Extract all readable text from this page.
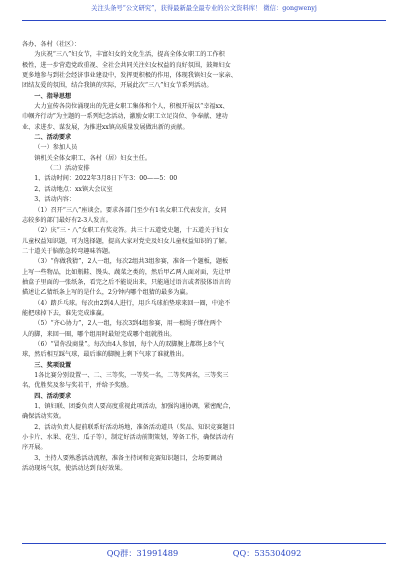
关注头条号“公文研究”，获得最新最全最专业的公文资料库！ 微信：gongwenyj

各办、各村（社区）：

为庆祝“三八”妇女节，丰富妇女的文化生活，提高全体女职工的工作积

极性，进一步营造党政重视、全社会共同关注妇女权益的良好氛围，鼓舞妇女

更多地参与到社会经济事业建设中，发挥更积极的作用，体现我镇妇女一家亲、

团结友爱的氛围，结合我镇的实际，开展此次“三八”妇女节系列活动。

一、指导思想

大力宣传各岗位涌现出的先进女职工集体和个人，积极开展以“幸福xx、

巾帼齐行动”为主题的一系列纪念活动，激励女职工立足岗位、争奉献、建功

业、求进步、谋发展，为推进xx镇高质量发展做出新的贡献。

二、活动要求

（一）参加人员

镇机关全体女职工、各村（居）妇女主任。

（二）活动安排

1、活动时间：2022年3月8日下午3：00——5：00

2、活动地点：xx镇大会议室

3、活动内容：

（1）召开“三八”座谈会。要求各部门至少有1名女职工代表发言，女同

志较多的部门最好有2-3人发言。

（2）庆“三・八”女职工有奖竞答。共三十五道党史题，十五道关于妇女

儿童权益知识题，可为选择题，提高大家对党史及妇女儿童权益知识的了解。

二十道关于脑筋急转弯趣味答题。

（3）“你做我猜”，2人一组，每次2组共3组参赛，准备一个题板，题板

上写一些物品，比如瓶鞋、馒头、蔬菜之类的，然后甲乙两人面对面，先让甲

抽盒子里面的一张纸条，看完之后不能说出来，只能通过语言或者肢体语言的

描述让乙猜纸条上写的是什么，2分钟内哪个组猜的最多为赢。

（4）踏乒乓球。每次由2到4人进行，用乒乓球拍垫球来回一圈，中途不

能把球掉下去，谁先完成谁赢。

（5）“齐心协力”，2人一组，每次3到4组参赛，用一根绳子绑住两个

人的脚，来回一圈，哪个组用时最短完成哪个组就胜出。

（6）“冒你没商量”。每次由4人参加，每个人的双脚腕上都绑上8个气

球，然后相互踩气球，最后谁的脚腕上剩下气球了谁就胜出。

三、奖项设置

1各比赛分别设置一、二、三等奖，一等奖一名，二等奖两名，三等奖三

名，优胜奖及参与奖若干，并给予奖励。

四、活动要求

1、镇妇联、团委负责人要高度重视此项活动，加强沟通协调，紧密配合，

确保活动实效。

2、活动负责人提前联系好活动场地，准备活动道具（奖品、知识竞赛题目

小卡片、水果、花生、瓜子等），制定好活动前期策划，筹备工作，确保活动有

序开展。

3、主持人要熟悉活动流程，准备主持词和竞赛知识题目，会场要调动

活动现场气氛，使活动达到良好效果。

QQ群：31991489	QQ：535304092
